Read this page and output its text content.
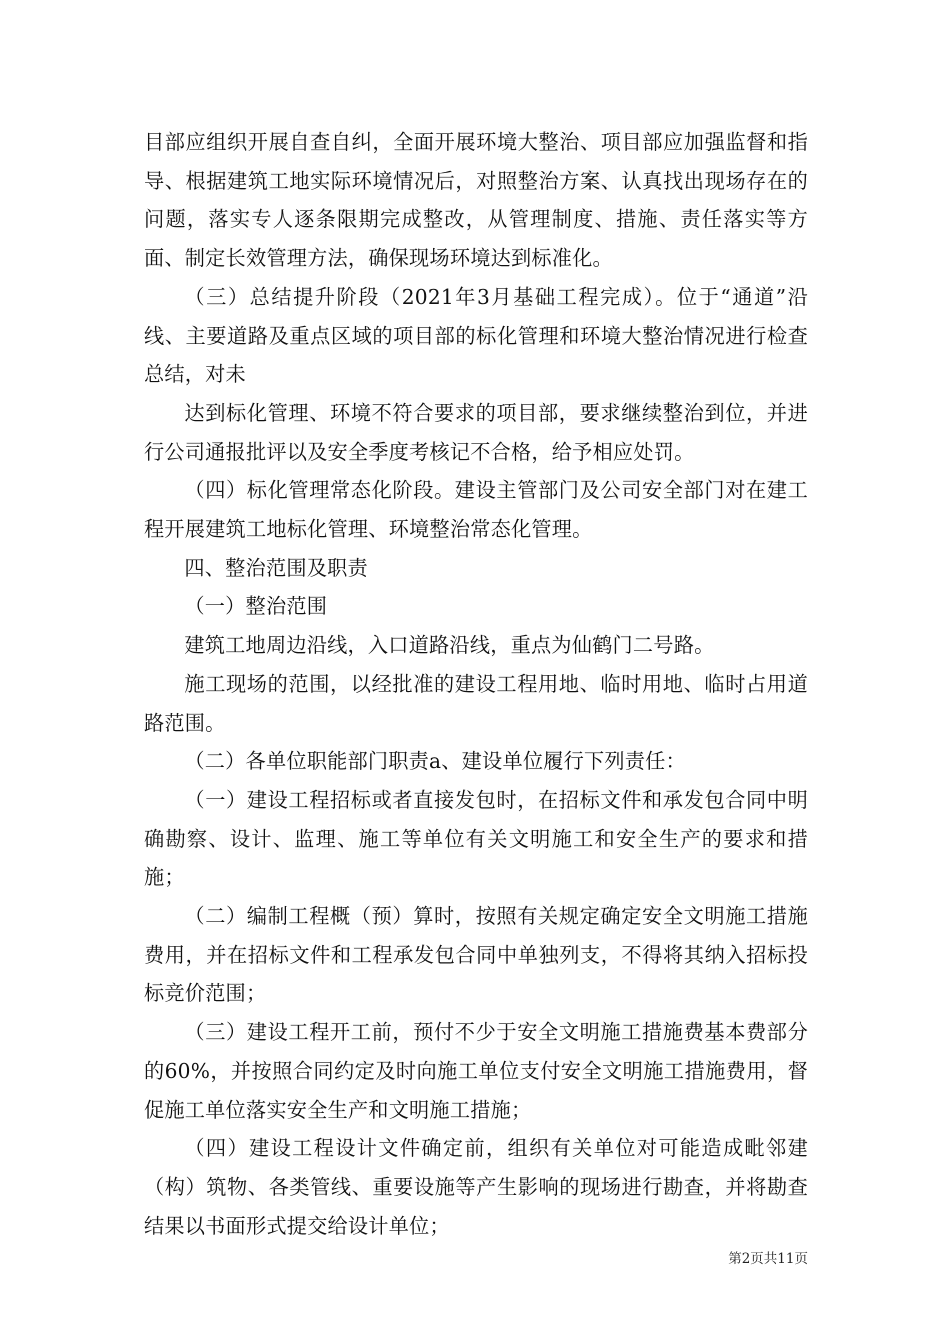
目部应组织开展自查自纠，全面开展环境大整治、项目部应加强监督和指导、根据建筑工地实际环境情况后，对照整治方案、认真找出现场存在的问题，落实专人逐条限期完成整改，从管理制度、措施、责任落实等方面、制定长效管理方法，确保现场环境达到标准化。

（三）总结提升阶段（2021年3月基础工程完成）。位于“通道”沿线、主要道路及重点区域的项目部的标化管理和环境大整治情况进行检查总结，对未

达到标化管理、环境不符合要求的项目部，要求继续整治到位，并进行公司通报批评以及安全季度考核记不合格，给予相应处罚。

（四）标化管理常态化阶段。建设主管部门及公司安全部门对在建工程开展建筑工地标化管理、环境整治常态化管理。

四、整治范围及职责

（一）整治范围

建筑工地周边沿线，入口道路沿线，重点为仙鹤门二号路。

施工现场的范围，以经批准的建设工程用地、临时用地、临时占用道路范围。

（二）各单位职能部门职责a、建设单位履行下列责任：

（一）建设工程招标或者直接发包时，在招标文件和承发包合同中明确勘察、设计、监理、施工等单位有关文明施工和安全生产的要求和措施；

（二）编制工程概（预）算时，按照有关规定确定安全文明施工措施费用，并在招标文件和工程承发包合同中单独列支，不得将其纳入招标投标竞价范围；

（三）建设工程开工前，预付不少于安全文明施工措施费基本费部分的60%，并按照合同约定及时向施工单位支付安全文明施工措施费用，督促施工单位落实安全生产和文明施工措施；

（四）建设工程设计文件确定前，组织有关单位对可能造成毗邻建（构）筑物、各类管线、重要设施等产生影响的现场进行勘查，并将勘查结果以书面形式提交给设计单位；

第2页共11页
